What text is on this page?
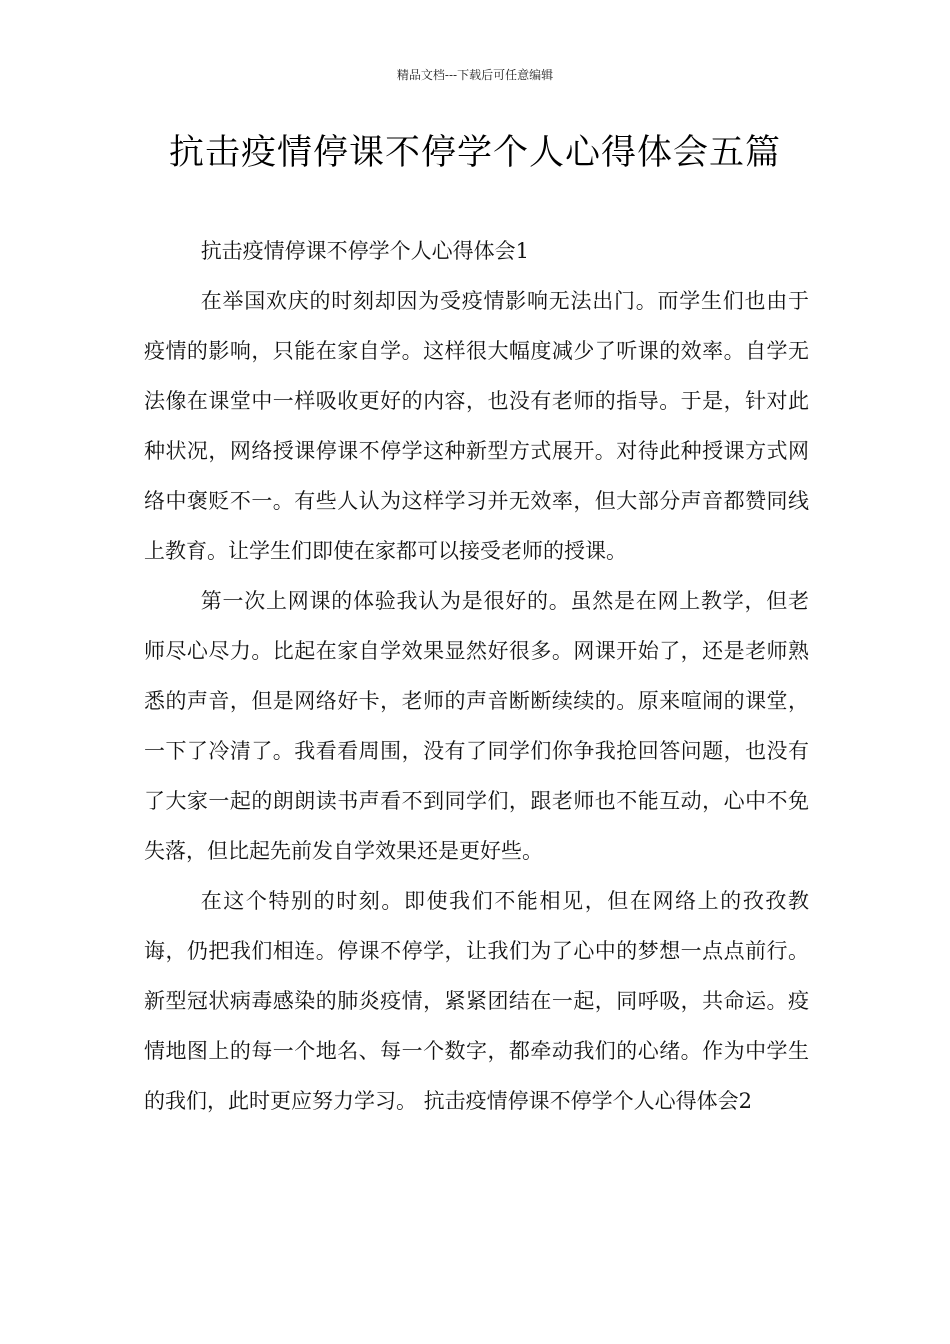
精品文档---下载后可任意编辑
抗击疫情停课不停学个人心得体会五篇

抗击疫情停课不停学个人心得体会1

在举国欢庆的时刻却因为受疫情影响无法出门。而学生们也由于疫情的影响，只能在家自学。这样很大幅度减少了听课的效率。自学无法像在课堂中一样吸收更好的内容，也没有老师的指导。于是，针对此种状况，网络授课停课不停学这种新型方式展开。对待此种授课方式网络中褒贬不一。有些人认为这样学习并无效率，但大部分声音都赞同线上教育。让学生们即使在家都可以接受老师的授课。

第一次上网课的体验我认为是很好的。虽然是在网上教学，但老师尽心尽力。比起在家自学效果显然好很多。网课开始了，还是老师熟悉的声音，但是网络好卡，老师的声音断断续续的。原来喧闹的课堂，一下了冷清了。我看看周围，没有了同学们你争我抢回答问题，也没有了大家一起的朗朗读书声看不到同学们，跟老师也不能互动，心中不免失落，但比起先前发自学效果还是更好些。

在这个特别的时刻。即使我们不能相见，但在网络上的孜孜教诲，仍把我们相连。停课不停学，让我们为了心中的梦想一点点前行。新型冠状病毒感染的肺炎疫情，紧紧团结在一起，同呼吸，共命运。疫情地图上的每一个地名、每一个数字，都牵动我们的心绪。作为中学生的我们，此时更应努力学习。 抗击疫情停课不停学个人心得体会2
